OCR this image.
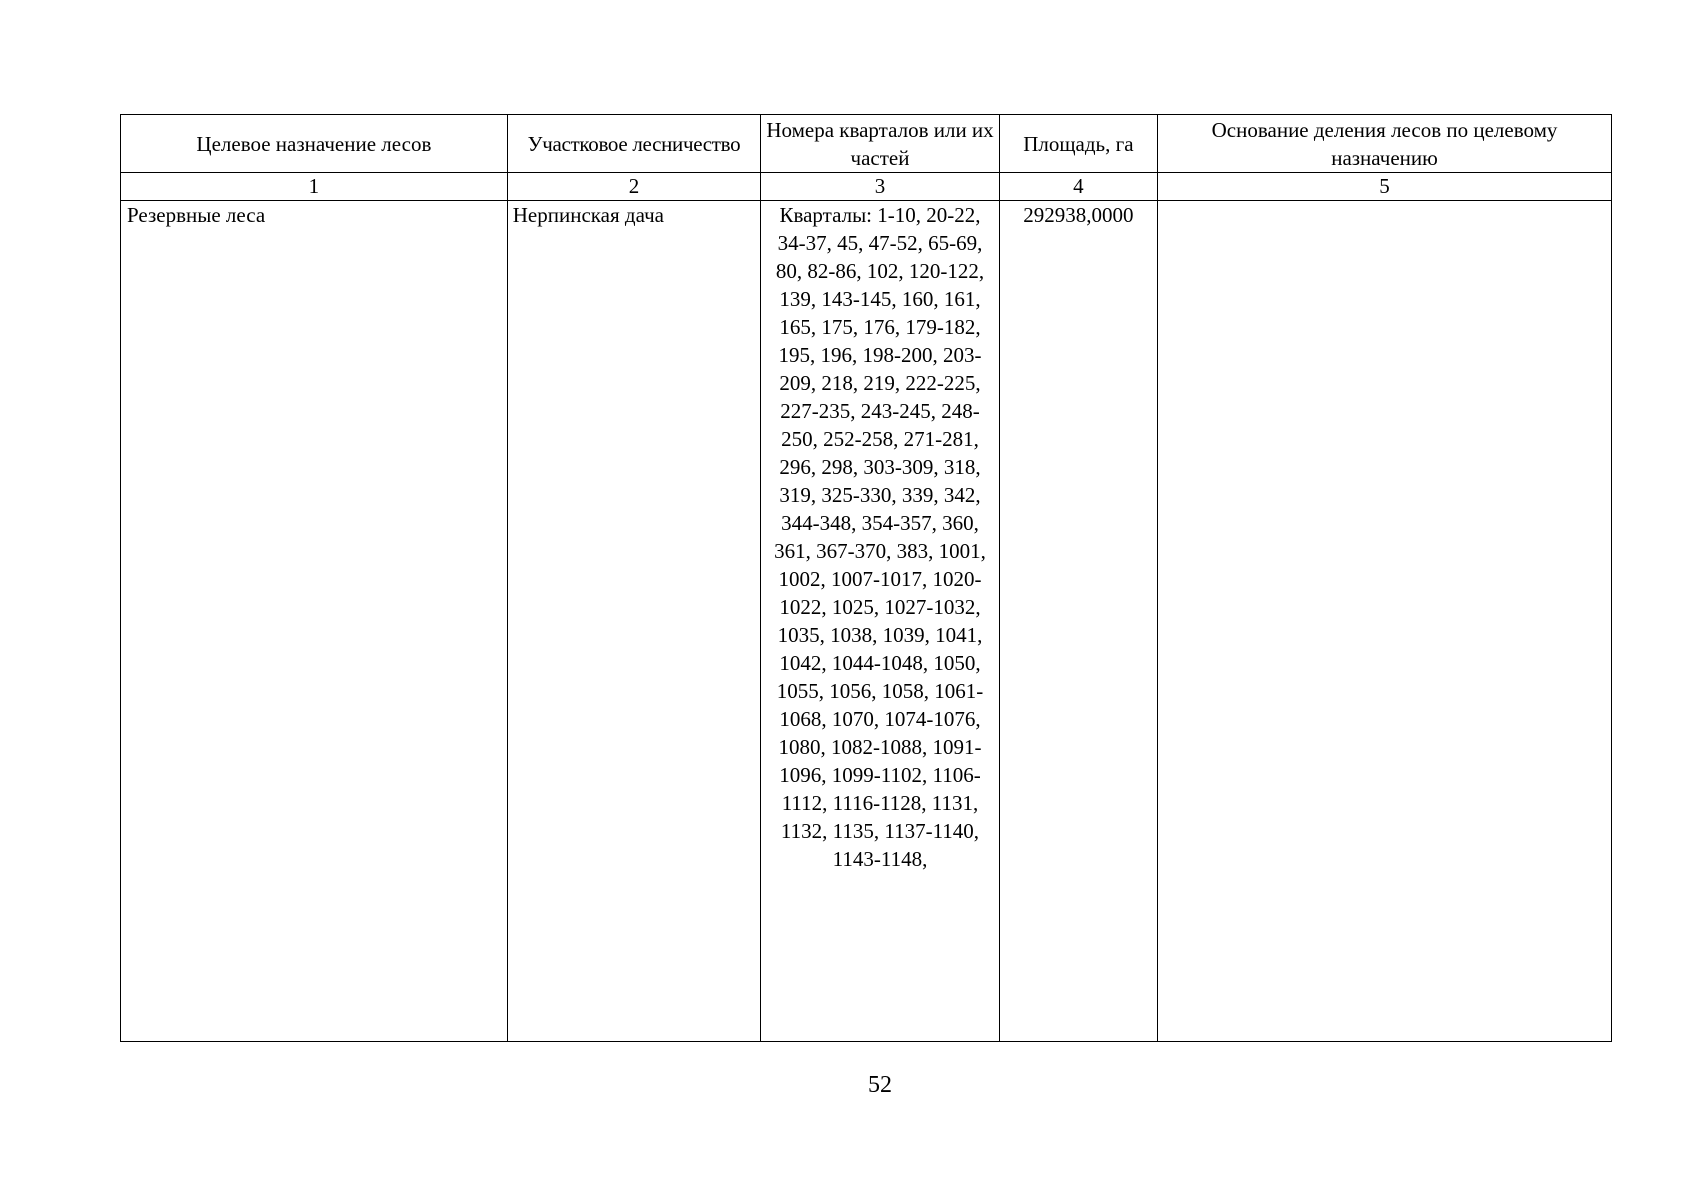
Целевое назначение лесов	Участковое лесничество	Номера кварталов или их частей	Площадь, га	Основание деления лесов по целевому назначению
1	2	3	4	5
Резервные леса	Нерпинская дача	Кварталы: 1-10, 20-22, 34-37, 45, 47-52, 65-69, 80, 82-86, 102, 120-122, 139, 143-145, 160, 161, 165, 175, 176, 179-182, 195, 196, 198-200, 203-209, 218, 219, 222-225, 227-235, 243-245, 248-250, 252-258, 271-281, 296, 298, 303-309, 318, 319, 325-330, 339, 342, 344-348, 354-357, 360, 361, 367-370, 383, 1001, 1002, 1007-1017, 1020-1022, 1025, 1027-1032, 1035, 1038, 1039, 1041, 1042, 1044-1048, 1050, 1055, 1056, 1058, 1061-1068, 1070, 1074-1076, 1080, 1082-1088, 1091-1096, 1099-1102, 1106-1112, 1116-1128, 1131, 1132, 1135, 1137-1140, 1143-1148,	292938,0000	
52
